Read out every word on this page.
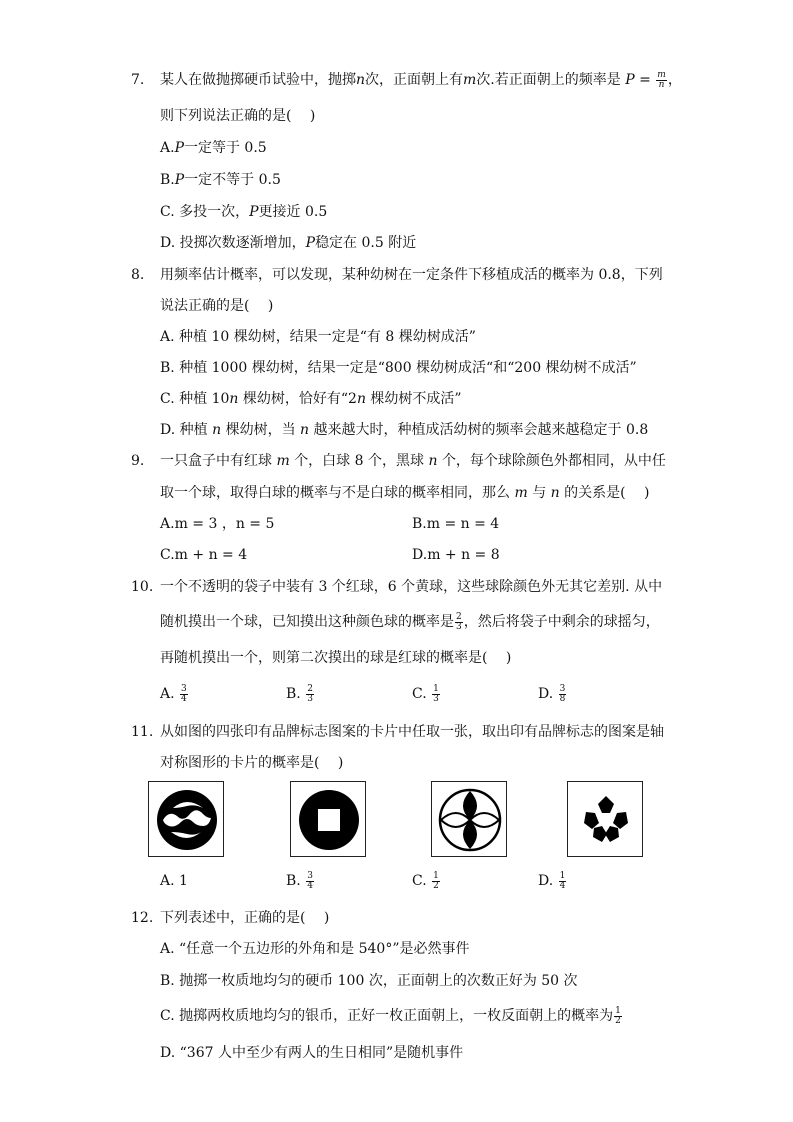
7. 某人在做抛掷硬币试验中，抛掷n次，正面朝上有m次.若正面朝上的频率是 $P = \frac{m}{n}$ ，
则下列说法正确的是(　 )
A.P一定等于 0.5
B.P一定不等于 0.5
C. 多投一次，P更接近 0.5
D. 投掷次数逐渐增加，P稳定在 0.5 附近
8. 用频率估计概率，可以发现，某种幼树在一定条件下移植成活的概率为 0.8，下列
说法正确的是(　 )
A. 种植 10 棵幼树，结果一定是“有 8 棵幼树成活”
B. 种植 1000 棵幼树，结果一定是“800 棵幼树成活“和“200 棵幼树不成活”
C. 种植 10n 棵幼树，恰好有“2n 棵幼树不成活”
D. 种植 n 棵幼树，当 n 越来越大时，种植成活幼树的频率会越来越稳定于 0.8
9. 一只盒子中有红球 m 个，白球 8 个，黑球 n 个，每个球除颜色外都相同，从中任
取一个球，取得白球的概率与不是白球的概率相同，那么 m 与 n 的关系是(　 )
A.m = 3 ，n = 5	B.m = n = 4
C.m + n = 4	D.m + n = 8
10. 一个不透明的袋子中装有 3 个红球，6 个黄球，这些球除颜色外无其它差别. 从中
随机摸出一个球，已知摸出这种颜色球的概率是 $\frac{2}{3}$ ，然后将袋子中剩余的球摇匀，
再随机摸出一个，则第二次摸出的球是红球的概率是(　 )
A. $\frac{3}{4}$	B. $\frac{2}{3}$	C. $\frac{1}{3}$	D. $\frac{3}{8}$
11. 从如图的四张印有品牌标志图案的卡片中任取一张，取出印有品牌标志的图案是轴
对称图形的卡片的概率是(　 )
A. 1	B. $\frac{3}{4}$	C. $\frac{1}{2}$	D. $\frac{1}{4}$
12. 下列表述中，正确的是(　 )
A. “任意一个五边形的外角和是 540°”是必然事件
B. 抛掷一枚质地均匀的硬币 100 次，正面朝上的次数正好为 50 次
C. 抛掷两枚质地均匀的银币，正好一枚正面朝上，一枚反面朝上的概率为 $\frac{1}{2}$
D. “367 人中至少有两人的生日相同”是随机事件
